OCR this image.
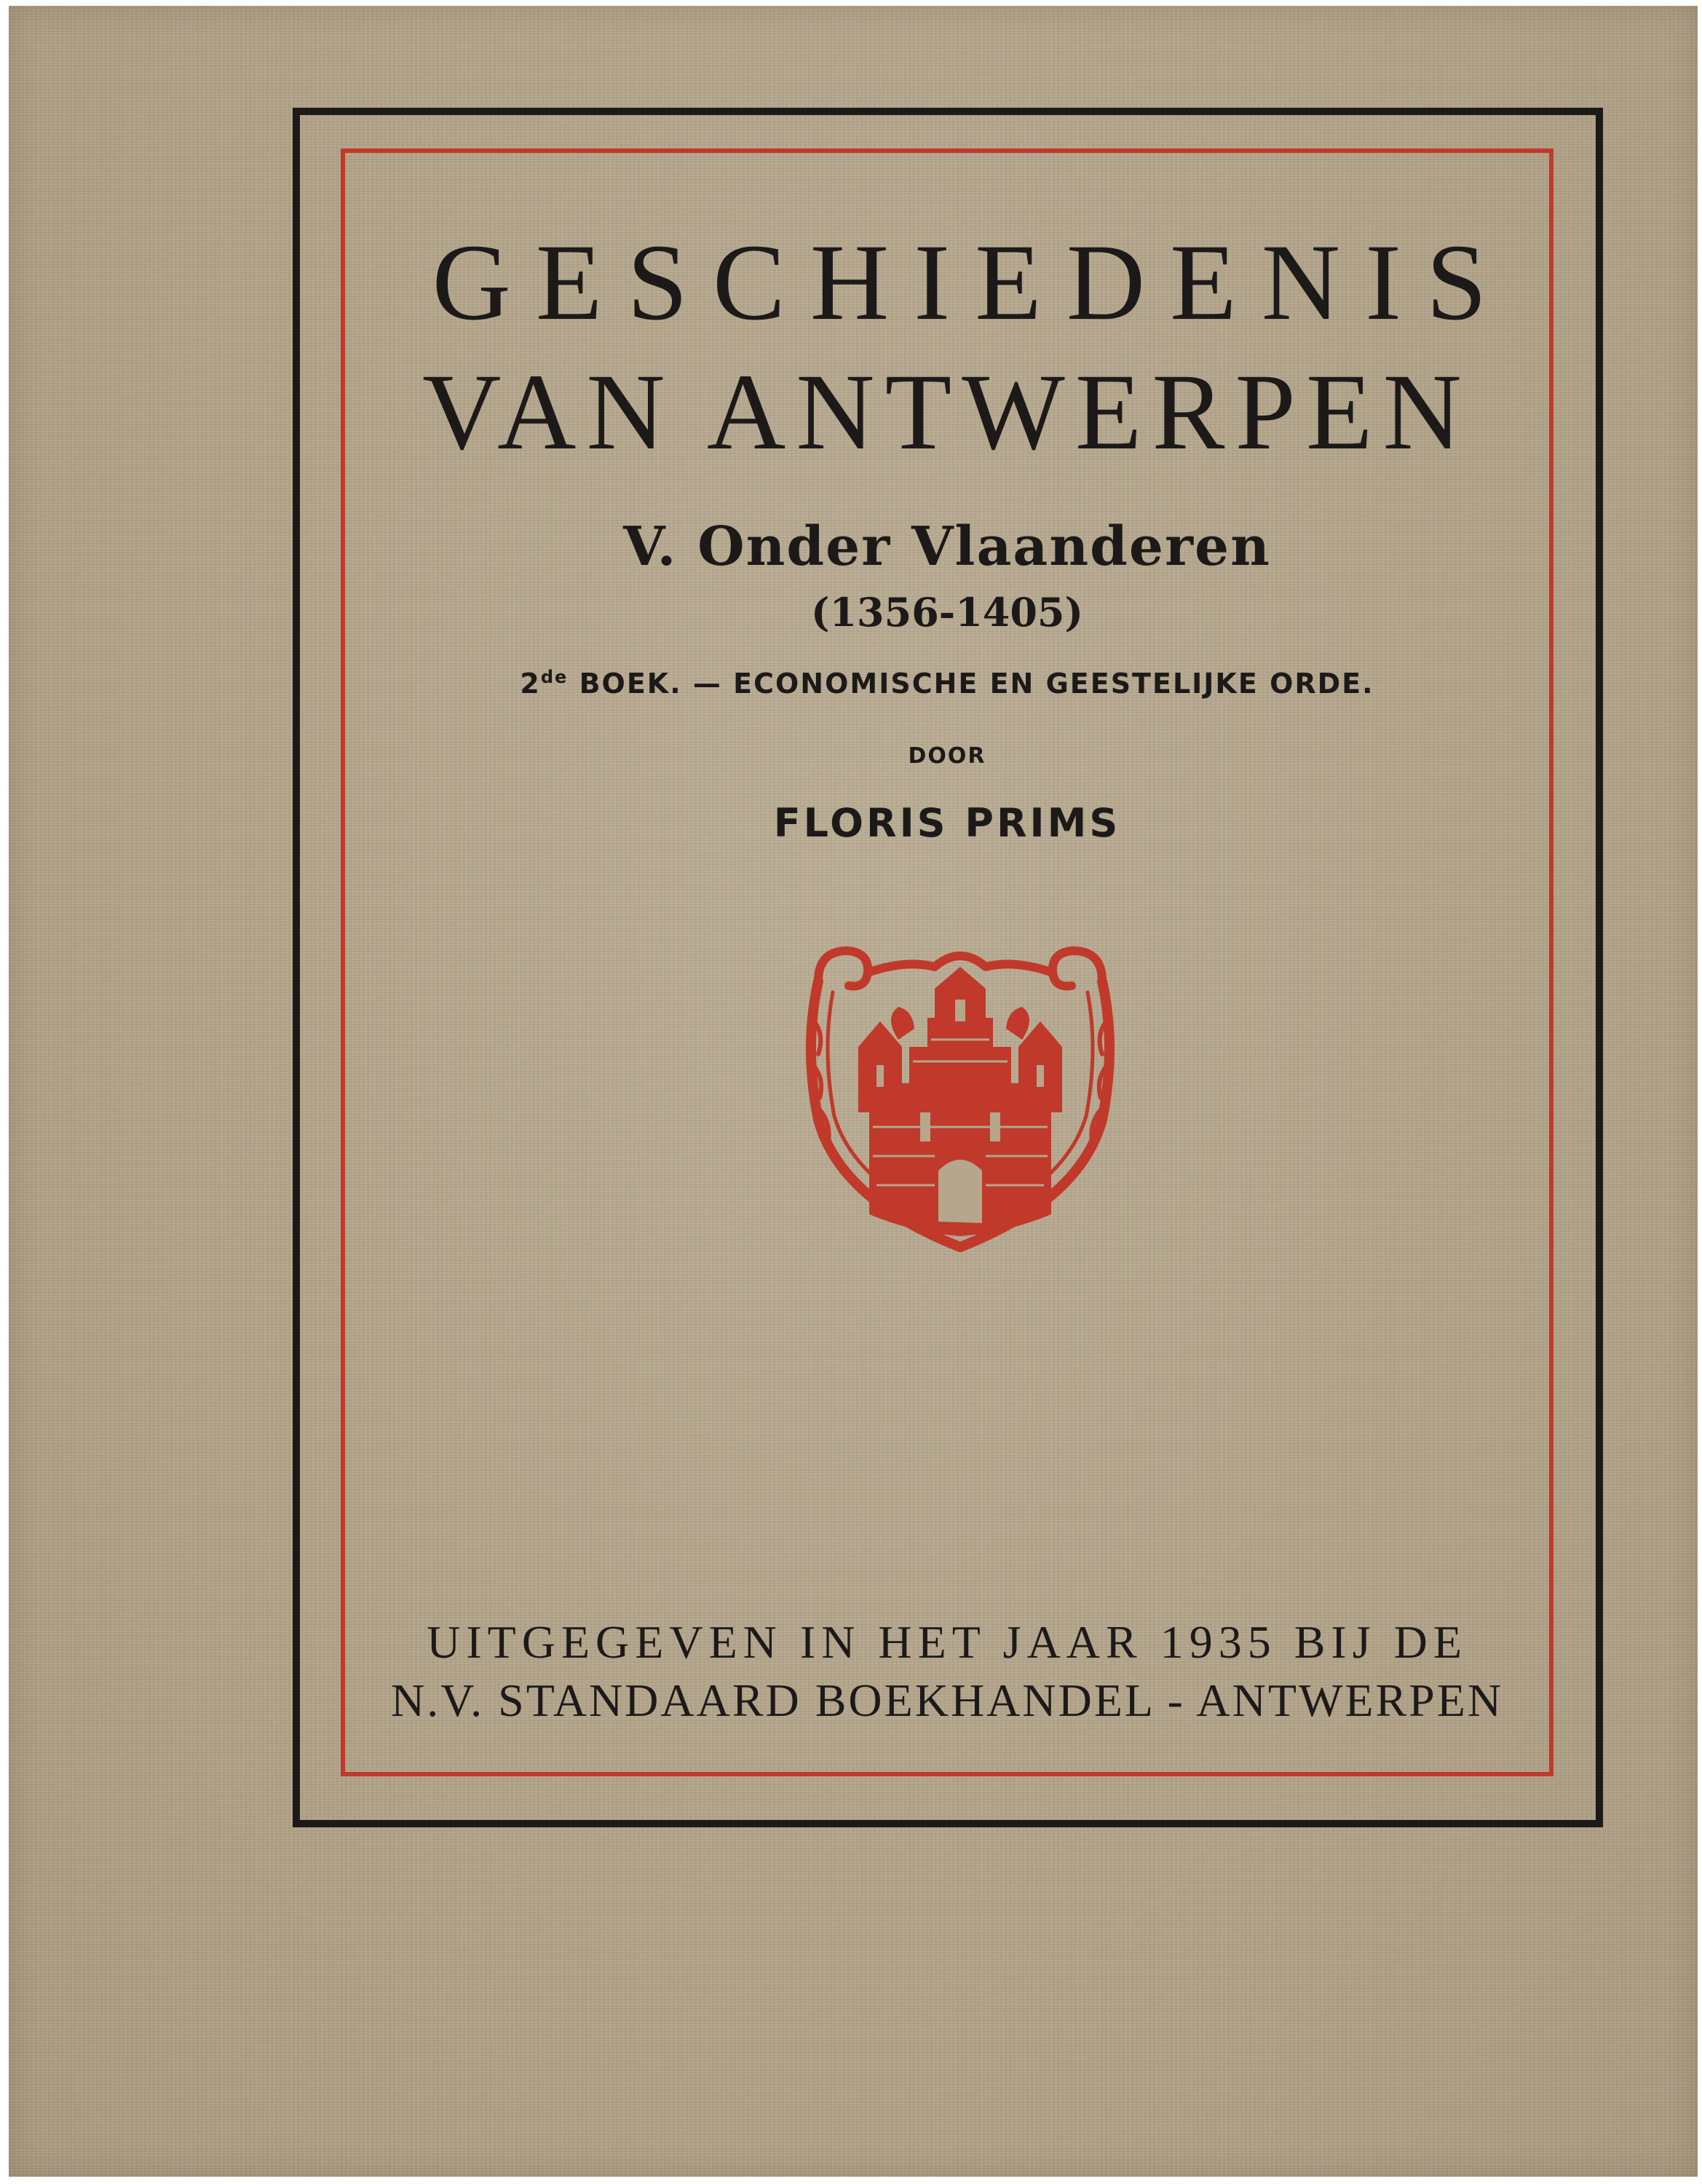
GESCHIEDENIS
VAN ANTWERPEN
V. Onder Vlaanderen
(1356-1405)
2de BOEK. — ECONOMISCHE EN GEESTELIJKE ORDE.
DOOR
FLORIS PRIMS
UITGEGEVEN IN HET JAAR 1935 BIJ DE
N.V. STANDAARD BOEKHANDEL - ANTWERPEN
